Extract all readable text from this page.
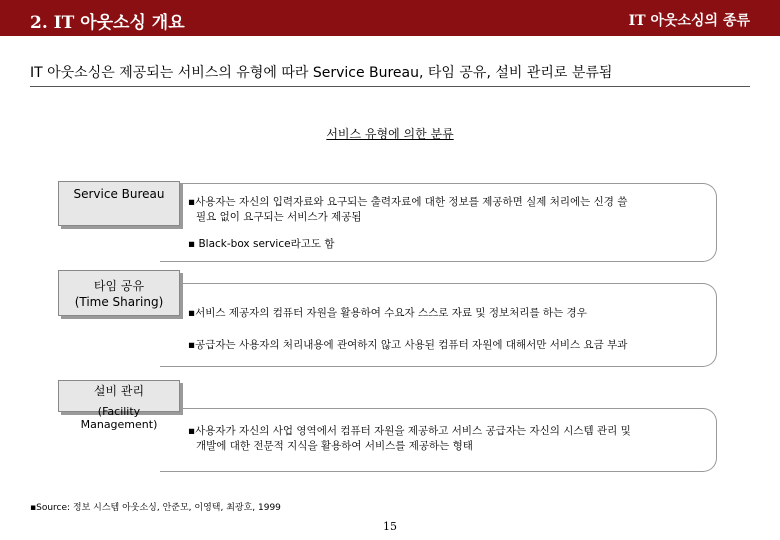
2. IT 아웃소싱 개요	IT 아웃소싱의 종류
IT 아웃소싱은 제공되는 서비스의 유형에 따라 Service Bureau, 타임 공유, 설비 관리로 분류됨
서비스 유형에 의한 분류
Service Bureau
타임 공유
(Time Sharing)
설비 관리
(Facility Management)
▪사용자는 자신의 입력자료와 요구되는 출력자료에 대한 정보를 제공하면 실제 처리에는 신경 쓸
필요 없이 요구되는 서비스가 제공됨
▪ Black-box service라고도 함
▪서비스 제공자의 컴퓨터 자원을 활용하여 수요자 스스로 자료 및 정보처리를 하는 경우
▪공급자는 사용자의 처리내용에 관여하지 않고 사용된 컴퓨터 자원에 대해서만 서비스 요금 부과
▪사용자가 자신의 사업 영역에서 컴퓨터 자원을 제공하고 서비스 공급자는 자신의 시스템 관리 및
개발에 대한 전문적 지식을 활용하여 서비스를 제공하는 형태
▪Source: 정보 시스템 아웃소싱, 안준모, 이영택, 최광호, 1999
15
